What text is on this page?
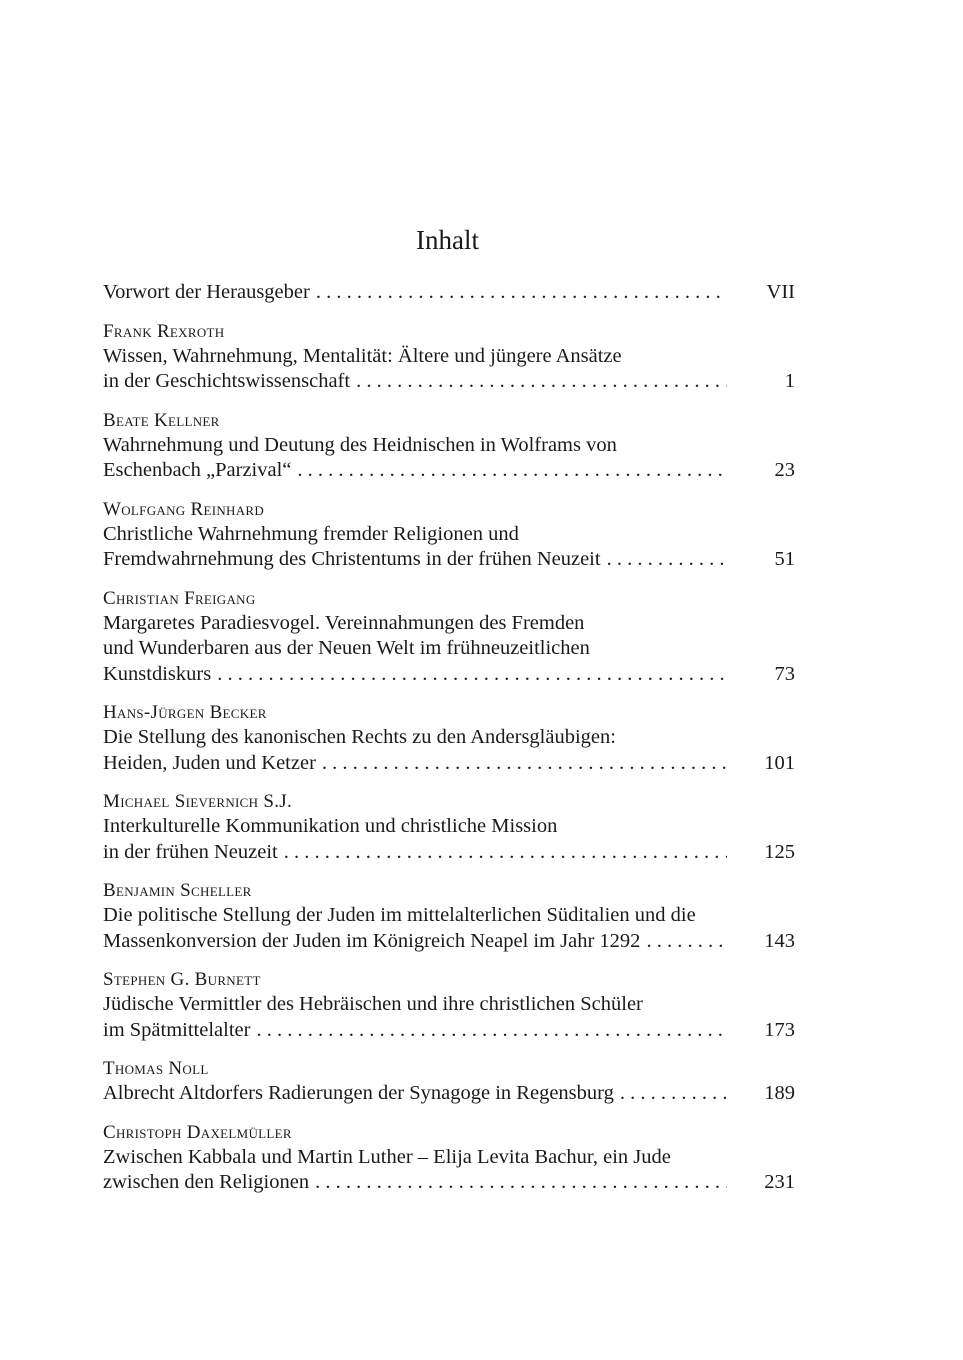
Inhalt
Vorwort der Herausgeber . . .	VII
Frank Rexroth
Wissen, Wahrnehmung, Mentalität: Ältere und jüngere Ansätze
in der Geschichtswissenschaft . . .	1
Beate Kellner
Wahrnehmung und Deutung des Heidnischen in Wolframs von
Eschenbach „Parzival“ . . .	23
Wolfgang Reinhard
Christliche Wahrnehmung fremder Religionen und
Fremdwahrnehmung des Christentums in der frühen Neuzeit . . .	51
Christian Freigang
Margaretes Paradiesvogel. Vereinnahmungen des Fremden
und Wunderbaren aus der Neuen Welt im frühneuzeitlichen
Kunstdiskurs . . .	73
Hans-Jürgen Becker
Die Stellung des kanonischen Rechts zu den Andersgläubigen:
Heiden, Juden und Ketzer . . .	101
Michael Sievernich S.J.
Interkulturelle Kommunikation und christliche Mission
in der frühen Neuzeit . . .	125
Benjamin Scheller
Die politische Stellung der Juden im mittelalterlichen Süditalien und die
Massenkonversion der Juden im Königreich Neapel im Jahr 1292 . . .	143
Stephen G. Burnett
Jüdische Vermittler des Hebräischen und ihre christlichen Schüler
im Spätmittelalter . . .	173
Thomas Noll
Albrecht Altdorfers Radierungen der Synagoge in Regensburg . . .	189
Christoph Daxelmüller
Zwischen Kabbala und Martin Luther – Elija Levita Bachur, ein Jude
zwischen den Religionen . . .	231
